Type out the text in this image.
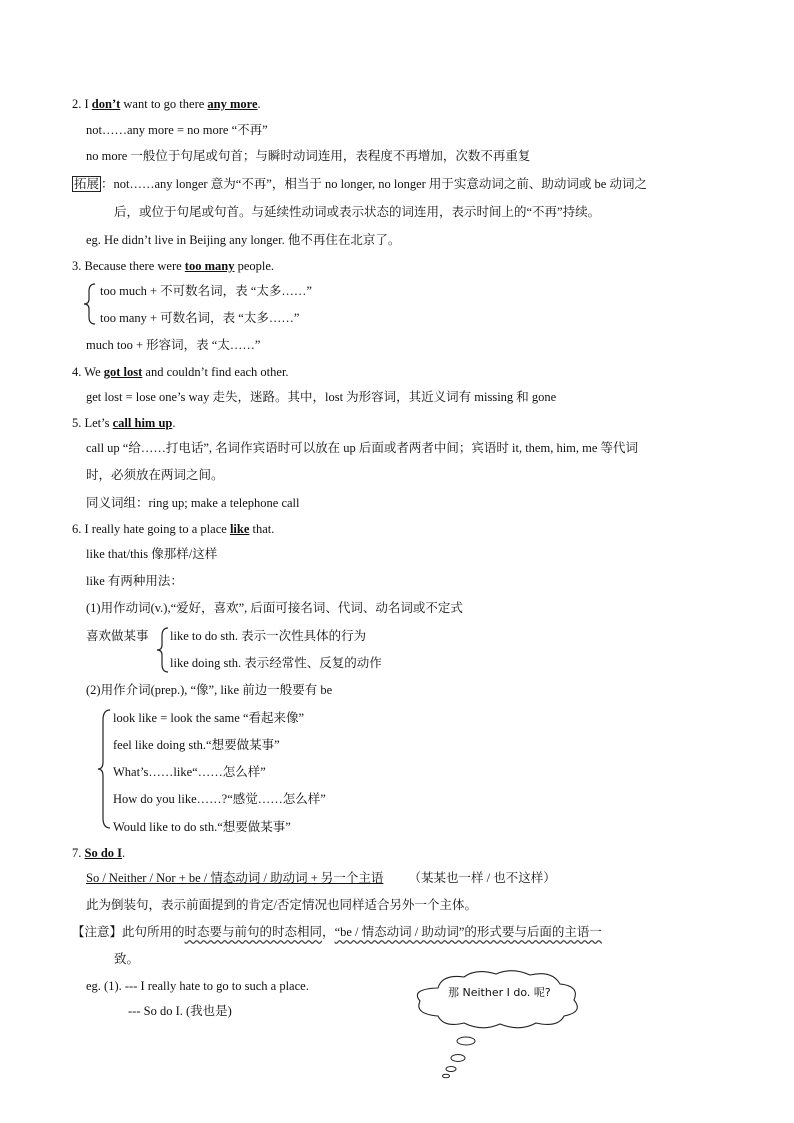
2. I don’t want to go there any more.
not……any more = no more “不再”
no more 一般位于句尾或句首；与瞬时动词连用，表程度不再增加，次数不再重复
拓展 ：not……any longer 意为“不再”，相当于 no longer, no longer 用于实意动词之前、助动词或 be 动词之
后，或位于句尾或句首。与延续性动词或表示状态的词连用，表示时间上的“不再”持续。
eg. He didn’t live in Beijing any longer. 他不再住在北京了。
3. Because there were too many people.
too much + 不可数名词，表 “太多……”
too many + 可数名词，表 “太多……”
much too + 形容词，表 “太……”
4. We got lost and couldn’t find each other.
get lost = lose one’s way 走失，迷路。其中，lost 为形容词，其近义词有 missing 和 gone
5. Let’s call him up.
call up “给……打电话”, 名词作宾语时可以放在 up 后面或者两者中间；宾语时 it, them, him, me 等代词
时，必须放在两词之间。
同义词组：ring up; make a telephone call
6. I really hate going to a place like that.
like that/this 像那样/这样
like 有两种用法：
(1)用作动词(v.),“爱好，喜欢”, 后面可接名词、代词、动名词或不定式
喜欢做某事 like to do sth. 表示一次性具体的行为
like doing sth. 表示经常性、反复的动作
(2)用作介词(prep.), “像”, like 前边一般要有 be
look like = look the same “看起来像”
feel like doing sth.“想要做某事”
What’s……like“……怎么样”
How do you like……?“感觉……怎么样”
Would like to do sth.“想要做某事”
7. So do I.
So / Neither / Nor + be / 情态动词 / 助动词 + 另一个主语 （某某也一样 / 也不这样）
此为倒装句，表示前面提到的肯定/否定情况也同样适合另外一个主体。
【注意】此句所用的时态要与前句的时态相同，“be / 情态动词 / 助动词”的形式要与后面的主语一
致。
eg. (1). --- I really hate to go to such a place.
--- So do I. (我也是)
那 Neither I do. 呢?
